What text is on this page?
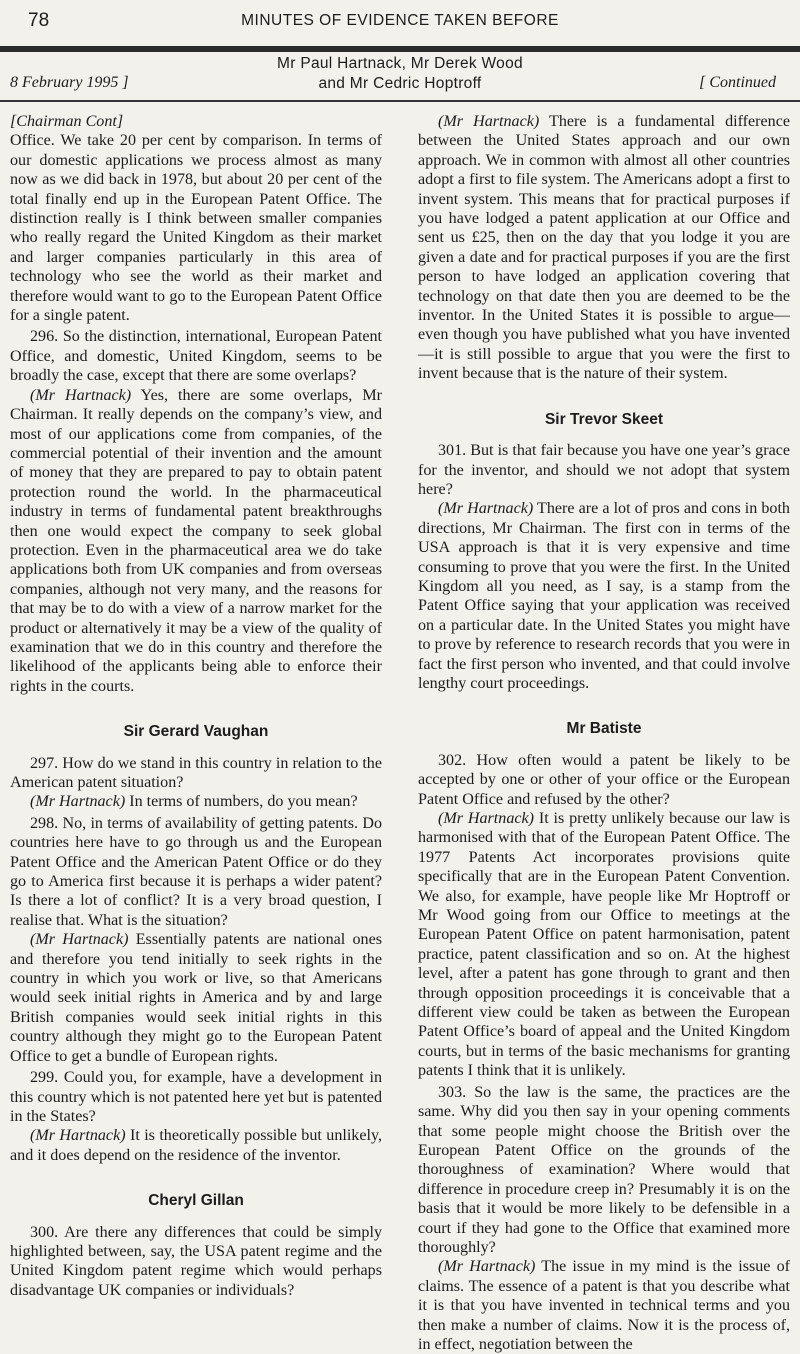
78	MINUTES OF EVIDENCE TAKEN BEFORE
8 February 1995 ]
Mr Paul Hartnack, Mr Derek Wood
and Mr Cedric Hoptroff	[ Continued

[Chairman Cont]

Office. We take 20 per cent by comparison. In terms of our domestic applications we process almost as many now as we did back in 1978, but about 20 per cent of the total finally end up in the European Patent Office. The distinction really is I think between smaller companies who really regard the United Kingdom as their market and larger companies particularly in this area of technology who see the world as their market and therefore would want to go to the European Patent Office for a single patent.

296. So the distinction, international, European Patent Office, and domestic, United Kingdom, seems to be broadly the case, except that there are some overlaps?

(Mr Hartnack) Yes, there are some overlaps, Mr Chairman. It really depends on the company’s view, and most of our applications come from companies, of the commercial potential of their invention and the amount of money that they are prepared to pay to obtain patent protection round the world. In the pharmaceutical industry in terms of fundamental patent breakthroughs then one would expect the company to seek global protection. Even in the pharmaceutical area we do take applications both from UK companies and from overseas companies, although not very many, and the reasons for that may be to do with a view of a narrow market for the product or alternatively it may be a view of the quality of examination that we do in this country and therefore the likelihood of the applicants being able to enforce their rights in the courts.

Sir Gerard Vaughan

297. How do we stand in this country in relation to the American patent situation?

(Mr Hartnack) In terms of numbers, do you mean?

298. No, in terms of availability of getting patents. Do countries here have to go through us and the European Patent Office and the American Patent Office or do they go to America first because it is perhaps a wider patent? Is there a lot of conflict? It is a very broad question, I realise that. What is the situation?

(Mr Hartnack) Essentially patents are national ones and therefore you tend initially to seek rights in the country in which you work or live, so that Americans would seek initial rights in America and by and large British companies would seek initial rights in this country although they might go to the European Patent Office to get a bundle of European rights.

299. Could you, for example, have a development in this country which is not patented here yet but is patented in the States?

(Mr Hartnack) It is theoretically possible but unlikely, and it does depend on the residence of the inventor.

Cheryl Gillan

300. Are there any differences that could be simply highlighted between, say, the USA patent regime and the United Kingdom patent regime which would perhaps disadvantage UK companies or individuals?

(Mr Hartnack) There is a fundamental difference between the United States approach and our own approach. We in common with almost all other countries adopt a first to file system. The Americans adopt a first to invent system. This means that for practical purposes if you have lodged a patent application at our Office and sent us £25, then on the day that you lodge it you are given a date and for practical purposes if you are the first person to have lodged an application covering that technology on that date then you are deemed to be the inventor. In the United States it is possible to argue—even though you have published what you have invented—it is still possible to argue that you were the first to invent because that is the nature of their system.

Sir Trevor Skeet

301. But is that fair because you have one year’s grace for the inventor, and should we not adopt that system here?

(Mr Hartnack) There are a lot of pros and cons in both directions, Mr Chairman. The first con in terms of the USA approach is that it is very expensive and time consuming to prove that you were the first. In the United Kingdom all you need, as I say, is a stamp from the Patent Office saying that your application was received on a particular date. In the United States you might have to prove by reference to research records that you were in fact the first person who invented, and that could involve lengthy court proceedings.

Mr Batiste

302. How often would a patent be likely to be accepted by one or other of your office or the European Patent Office and refused by the other?

(Mr Hartnack) It is pretty unlikely because our law is harmonised with that of the European Patent Office. The 1977 Patents Act incorporates provisions quite specifically that are in the European Patent Convention. We also, for example, have people like Mr Hoptroff or Mr Wood going from our Office to meetings at the European Patent Office on patent harmonisation, patent practice, patent classification and so on. At the highest level, after a patent has gone through to grant and then through opposition proceedings it is conceivable that a different view could be taken as between the European Patent Office’s board of appeal and the United Kingdom courts, but in terms of the basic mechanisms for granting patents I think that it is unlikely.

303. So the law is the same, the practices are the same. Why did you then say in your opening comments that some people might choose the British over the European Patent Office on the grounds of the thoroughness of examination? Where would that difference in procedure creep in? Presumably it is on the basis that it would be more likely to be defensible in a court if they had gone to the Office that examined more thoroughly?

(Mr Hartnack) The issue in my mind is the issue of claims. The essence of a patent is that you describe what it is that you have invented in technical terms and you then make a number of claims. Now it is the process of, in effect, negotiation between the
